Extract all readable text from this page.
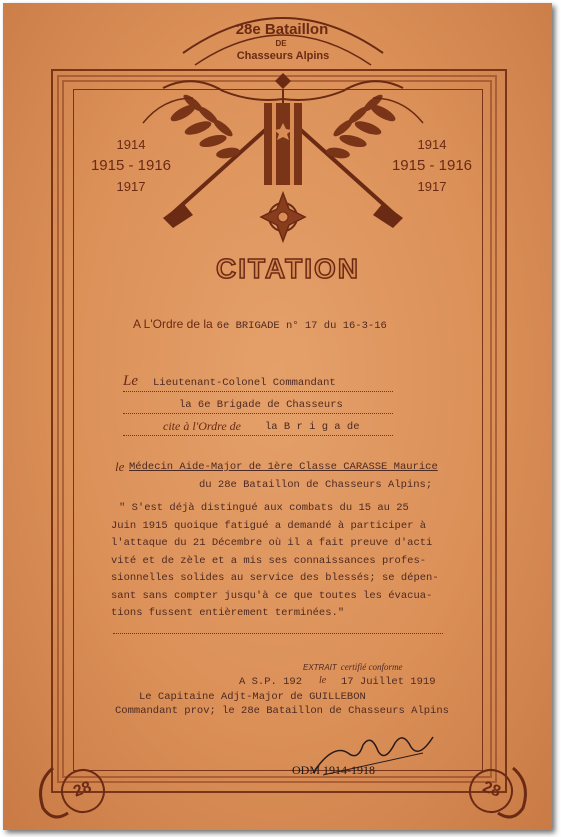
28e Bataillon
DE
Chasseurs Alpins
1914
1915 - 1916
1917
1914
1915 - 1916
1917
CITATION
A L'Ordre de la 6e BRIGADE n° 17 du 16-3-16
Le Lieutenant-Colonel Commandant
la 6e Brigade de Chasseurs
cite à l'Ordre de la B r i g a de
le Médecin Aide-Major de 1ère Classe CARASSE Maurice
du 28e Bataillon de Chasseurs Alpins;
" S'est déjà distingué aux combats du 15 au 25
Juin 1915 quoique fatigué a demandé à participer à
l'attaque du 21 Décembre où il a fait preuve d'acti
vité et de zèle et a mis ses connaissances profes-
sionnelles solides au service des blessés; se dépen-
sant sans compter jusqu'à ce que toutes les évacua-
tions fussent entièrement terminées."
EXTRAIT certifié conforme
A S.P. 192 le 17 Juillet 1919
Le Capitaine Adjt-Major de GUILLEBON
Commandant prov; le 28e Bataillon de Chasseurs Alpins
ODM 1914-1918
28	28
